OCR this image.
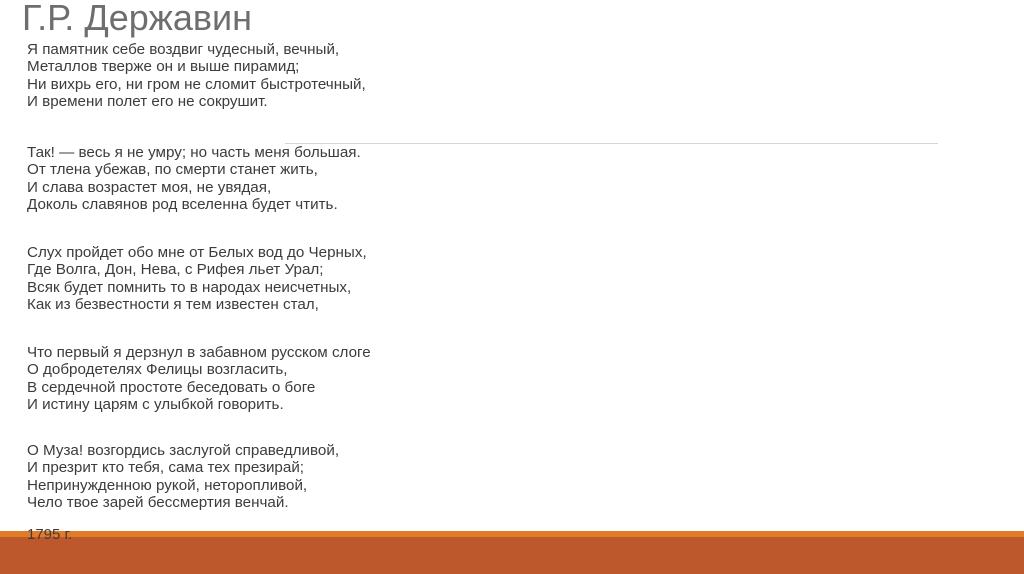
Г.Р. Державин
Я памятник себе воздвиг чудесный, вечный,
Металлов тверже он и выше пирамид;
Ни вихрь его, ни гром не сломит быстротечный,
И времени полет его не сокрушит.
Так! — весь я не умру; но часть меня большая.
От тлена убежав, по смерти станет жить,
И слава возрастет моя, не увядая,
Доколь славянов род вселенна будет чтить.
Слух пройдет обо мне от Белых вод до Черных,
Где Волга, Дон, Нева, с Рифея льет Урал;
Всяк будет помнить то в народах неисчетных,
Как из безвестности я тем известен стал,
Что первый я дерзнул в забавном русском слоге
О добродетелях Фелицы возгласить,
В сердечной простоте беседовать о боге
И истину царям с улыбкой говорить.
О Муза! возгордись заслугой справедливой,
И презрит кто тебя, сама тех презирай;
Непринужденною рукой, неторопливой,
Чело твое зарей бессмертия венчай.
1795 г.
